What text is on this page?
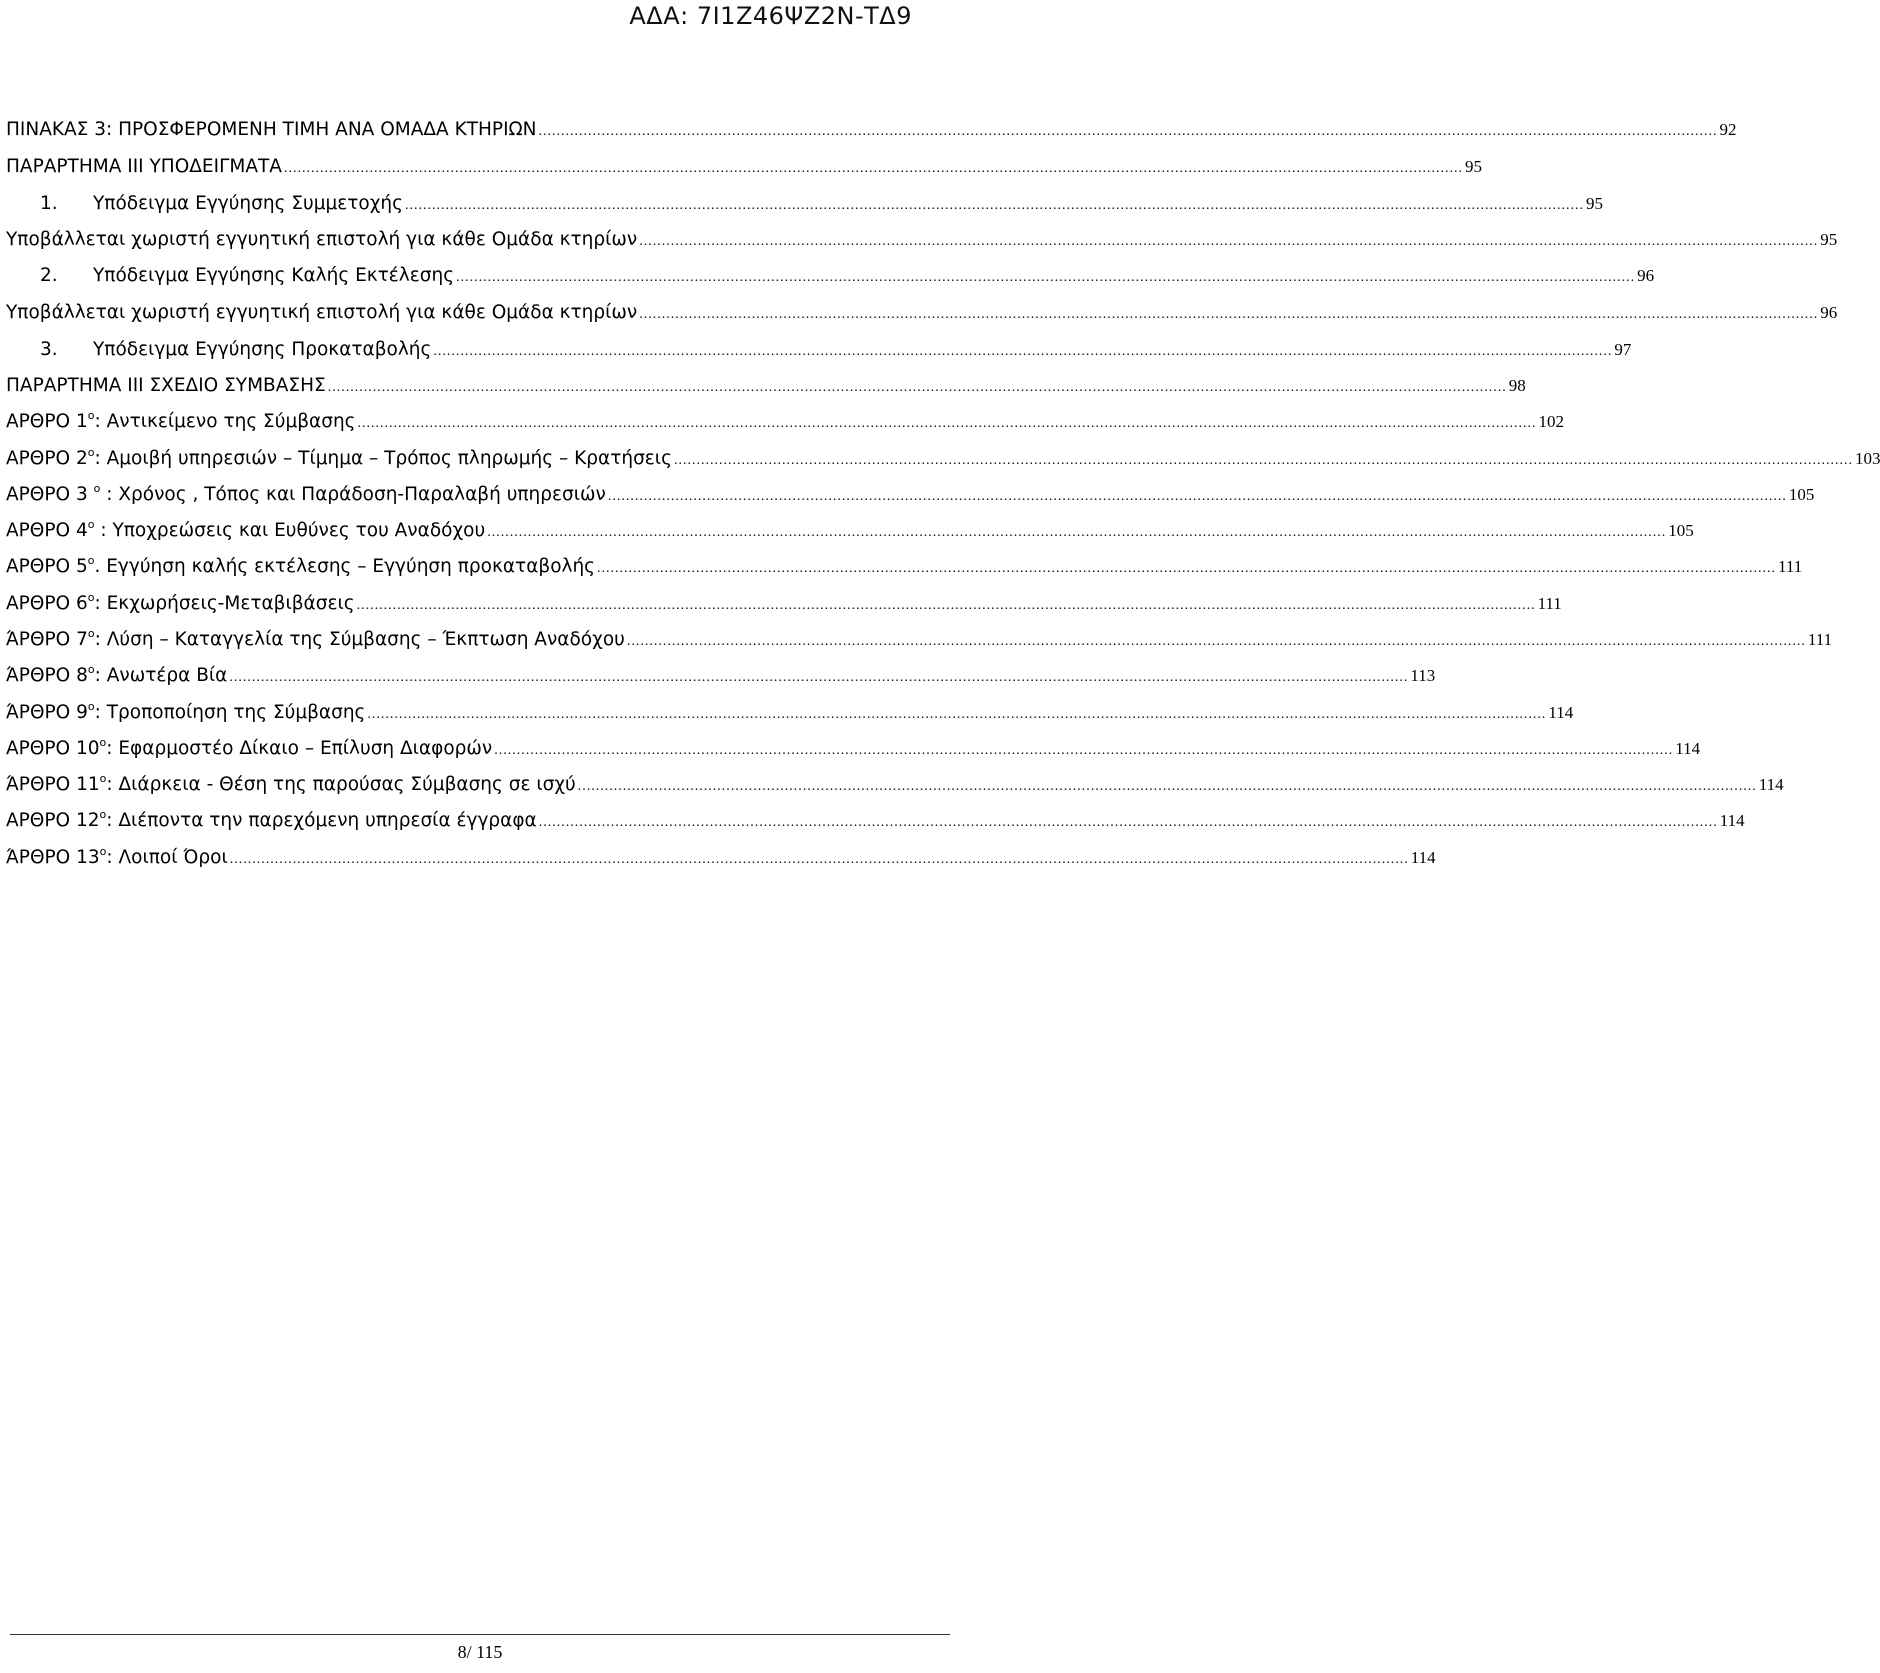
ΑΔΑ: 7Ι1Ζ46ΨΖ2Ν-ΤΔ9
ΠΙΝΑΚΑΣ 3: ΠΡΟΣΦΕΡΟΜΕΝΗ ΤΙΜΗ ΑΝΑ ΟΜΑΔΑ ΚΤΗΡΙΩΝ .....	92
ΠΑΡΑΡΤΗΜΑ ΙΙΙ ΥΠΟΔΕΙΓΜΑΤΑ .....	95
1. Υπόδειγμα Εγγύησης Συμμετοχής .....	95
Υποβάλλεται χωριστή εγγυητική επιστολή για κάθε Ομάδα κτηρίων .....	95
2. Υπόδειγμα Εγγύησης Καλής Εκτέλεσης .....	96
Υποβάλλεται χωριστή εγγυητική επιστολή για κάθε Ομάδα κτηρίων .....	96
3. Υπόδειγμα Εγγύησης Προκαταβολής .....	97
ΠΑΡΑΡΤΗΜΑ ΙΙΙ ΣΧΕΔΙΟ ΣΥΜΒΑΣΗΣ .....	98
ΑΡΘΡΟ $1^o$: Αντικείμενο της Σύμβασης .....	102
ΑΡΘΡΟ $2^o$: Αμοιβή υπηρεσιών – Τίμημα – Τρόπος πληρωμής – Κρατήσεις .....	103
ΑΡΘΡΟ 3 $^o$ : Χρόνος , Τόπος και Παράδοση-Παραλαβή υπηρεσιών .....	105
ΑΡΘΡΟ $4^o$ : Υποχρεώσεις και Ευθύνες του Αναδόχου .....	105
ΑΡΘΡΟ $5^o$. Εγγύηση καλής εκτέλεσης – Εγγύηση προκαταβολής .....	111
ΑΡΘΡΟ $6^o$: Εκχωρήσεις-Μεταβιβάσεις .....	111
ΆΡΘΡΟ $7^o$: Λύση – Καταγγελία της Σύμβασης – Έκπτωση Αναδόχου .....	111
ΆΡΘΡΟ $8^o$: Ανωτέρα Βία .....	113
ΆΡΘΡΟ $9^o$: Τροποποίηση της Σύμβασης .....	114
ΑΡΘΡΟ $10^o$: Εφαρμοστέο Δίκαιο – Επίλυση Διαφορών .....	114
ΆΡΘΡΟ $11^o$: Διάρκεια - Θέση της παρούσας Σύμβασης σε ισχύ .....	114
ΑΡΘΡΟ $12^o$: Διέποντα την παρεχόμενη υπηρεσία έγγραφα .....	114
ΆΡΘΡΟ $13^o$: Λοιποί Όροι .....	114
8/ 115
